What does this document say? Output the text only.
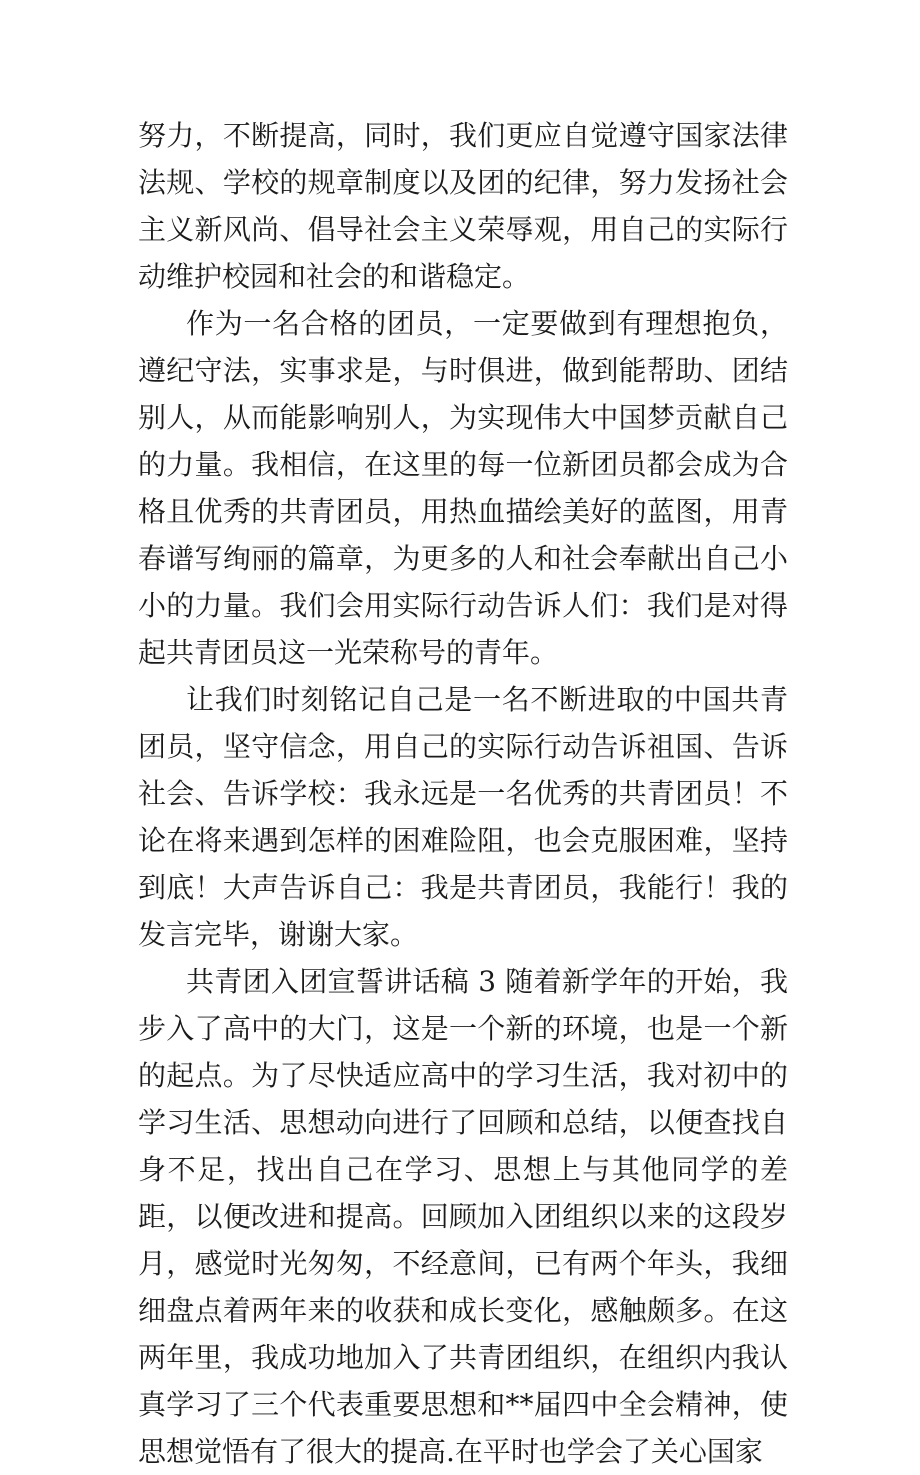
努力，不断提高，同时，我们更应自觉遵守国家法律法规、学校的规章制度以及团的纪律，努力发扬社会主义新风尚、倡导社会主义荣辱观，用自己的实际行动维护校园和社会的和谐稳定。

作为一名合格的团员，一定要做到有理想抱负，遵纪守法，实事求是，与时俱进，做到能帮助、团结别人，从而能影响别人，为实现伟大中国梦贡献自己的力量。我相信，在这里的每一位新团员都会成为合格且优秀的共青团员，用热血描绘美好的蓝图，用青春谱写绚丽的篇章，为更多的人和社会奉献出自己小小的力量。我们会用实际行动告诉人们：我们是对得起共青团员这一光荣称号的青年。

让我们时刻铭记自己是一名不断进取的中国共青团员，坚守信念，用自己的实际行动告诉祖国、告诉社会、告诉学校：我永远是一名优秀的共青团员！不论在将来遇到怎样的困难险阻，也会克服困难，坚持到底！大声告诉自己：我是共青团员，我能行！我的发言完毕，谢谢大家。

共青团入团宣誓讲话稿 3 随着新学年的开始，我步入了高中的大门，这是一个新的环境，也是一个新的起点。为了尽快适应高中的学习生活，我对初中的学习生活、思想动向进行了回顾和总结，以便查找自身不足，找出自己在学习、思想上与其他同学的差距，以便改进和提高。回顾加入团组织以来的这段岁月，感觉时光匆匆，不经意间，已有两个年头，我细细盘点着两年来的收获和成长变化，感触颇多。在这两年里，我成功地加入了共青团组织，在组织内我认真学习了三个代表重要思想和**届四中全会精神，使思想觉悟有了很大的提高.在平时也学会了关心国家
